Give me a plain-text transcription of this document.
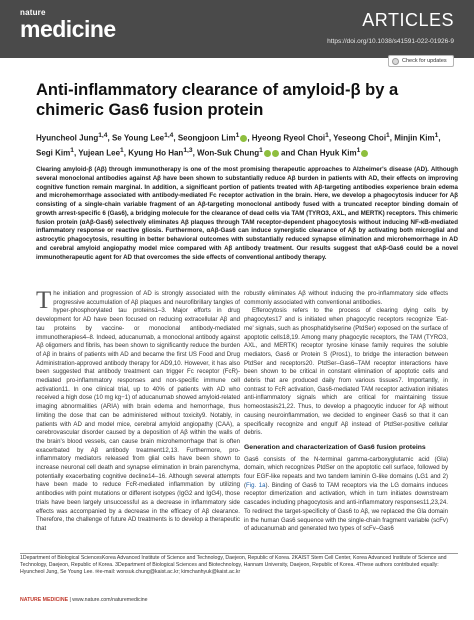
nature
medicine	ARTICLES
https://doi.org/10.1038/s41591-022-01926-9
Check for updates
Anti-inflammatory clearance of amyloid-β by a chimeric Gas6 fusion protein
Hyuncheol Jung$^{1,4}$, Se Young Lee$^{1,4}$, Seongjoon Lim$^1$ , Hyeong Ryeol Choi$^1$, Yeseong Choi$^1$, Minjin Kim$^1$, Segi Kim$^1$, Yujean Lee$^1$, Kyung Ho Han$^{1,3}$, Won-Suk Chung$^1$ and Chan Hyuk Kim$^1$

Clearing amyloid-β (Aβ) through immunotherapy is one of the most promising therapeutic approaches to Alzheimer's disease (AD). Although several monoclonal antibodies against Aβ have been shown to substantially reduce Aβ burden in patients with AD, their effects on improving cognitive function remain marginal. In addition, a significant portion of patients treated with Aβ-targeting antibodies experience brain edema and microhemorrhage associated with antibody-mediated Fc receptor activation in the brain. Here, we develop a phagocytosis inducer for Aβ consisting of a single-chain variable fragment of an Aβ-targeting monoclonal antibody fused with a truncated receptor binding domain of growth arrest-specific 6 (Gas6), a bridging molecule for the clearance of dead cells via TAM (TYRO3, AXL, and MERTK) receptors. This chimeric fusion protein (αAβ-Gas6) selectively eliminates Aβ plaques through TAM receptor-dependent phagocytosis without inducing NF-κB-mediated inflammatory response or reactive gliosis. Furthermore, αAβ-Gas6 can induce synergistic clearance of Aβ by activating both microglial and astrocytic phagocytosis, resulting in better behavioral outcomes with substantially reduced synapse elimination and microhemorrhage in AD and cerebral amyloid angiopathy model mice compared with Aβ antibody treatment. Our results suggest that αAβ-Gas6 could be a novel immunotherapeutic agent for AD that overcomes the side effects of conventional antibody therapy.

The initiation and progression of AD is strongly associated with the progressive accumulation of Aβ plaques and neurofibrillary tangles of hyper-phosphorylated tau proteins1–3. Major efforts in drug development for AD have been focused on reducing extracellular Aβ and tau proteins by vaccine- or monoclonal antibody-mediated immunotherapies4–8. Indeed, aducanumab, a monoclonal antibody against Aβ oligomers and fibrils, has been shown to significantly reduce the burden of Aβ in brains of patients with AD and became the first US Food and Drug Administration-approved antibody therapy for AD9,10. However, it has also been suggested that antibody treatment can trigger Fc receptor (FcR)-mediated pro-inflammatory responses and non-specific immune cell activation11. In one clinical trial, up to 40% of patients with AD who received a high dose (10 mg kg−1) of aducanumab showed amyloid-related imaging abnormalities (ARIA) with brain edema and hemorrhage, thus limiting the dose that can be administered without toxicity9. Notably, in patients with AD and model mice, cerebral amyloid angiopathy (CAA), a cerebrovascular disorder caused by a deposition of Aβ within the walls of the brain's blood vessels, can cause brain microhemorrhage that is often exacerbated by Aβ antibody treatment12,13. Furthermore, pro-inflammatory mediators released from glial cells have been shown to increase neuronal cell death and synapse elimination in brain parenchyma, potentially exacerbating cognitive decline14–16. Although several attempts have been made to reduce FcR-mediated inflammation by utilizing antibodies with point mutations or different isotypes (IgG2 and IgG4), those trials have been largely unsuccessful as a decrease in inflammatory side effects was accompanied by a decrease in the efficacy of Aβ clearance. Therefore, the challenge of future AD treatments is to develop a therapeutic that

robustly eliminates Aβ without inducing the pro-inflammatory side effects commonly associated with conventional antibodies.

Efferocytosis refers to the process of clearing dying cells by phagocytes17 and is initiated when phagocytic receptors recognize 'Eat-me' signals, such as phosphatidylserine (PtdSer) exposed on the surface of apoptotic cells18,19. Among many phagocytic receptors, the TAM (TYRO3, AXL, and MERTK) receptor tyrosine kinase family requires the soluble mediators, Gas6 or Protein S (Pros1), to bridge the interaction between PtdSer and receptors20. PtdSer–Gas6–TAM receptor interactions have been shown to be critical in constant elimination of apoptotic cells and debris that are produced daily from various tissues7. Importantly, in contrast to FcR activation, Gas6-mediated TAM receptor activation initiates anti-inflammatory signals which are critical for maintaining tissue homeostasis21,22. Thus, to develop a phagocytic inducer for Aβ without causing neuroinflammation, we decided to engineer Gas6 so that it can specifically recognize and engulf Aβ instead of PtdSer-positive cellular debris.

Generation and characterization of Gas6 fusion proteins

Gas6 consists of the N-terminal gamma-carboxyglutamic acid (Gla) domain, which recognizes PtdSer on the apoptotic cell surface, followed by four EGF-like repeats and two tandem laminin G-like domains (LG1 and 2) (Fig. 1a). Binding of Gas6 to TAM receptors via the LG domains induces receptor dimerization and activation, which in turn initiates downstream cascades including phagocytosis and anti-inflammatory responses11,23,24. To redirect the target-specificity of Gas6 to Aβ, we replaced the Gla domain in the human Gas6 sequence with the single-chain fragment variable (scFv) of aducanumab and generated two types of scFv–Gas6

1Department of Biological SciencesKorea Advanced Institute of Science and Technology, Daejeon, Republic of Korea. 2KAIST Stem Cell Center, Korea Advanced Institute of Science and Technology, Daejeon, Republic of Korea. 3Department of Biological Sciences and Biotechnology, Hannam University, Daejeon, Republic of Korea. 4These authors contributed equally: Hyuncheol Jung, Se Young Lee. ✉e-mail: wonsuk.chung@kaist.ac.kr; kimchanhyuk@kaist.ac.kr
NATURE MEDICINE | www.nature.com/naturemedicine
